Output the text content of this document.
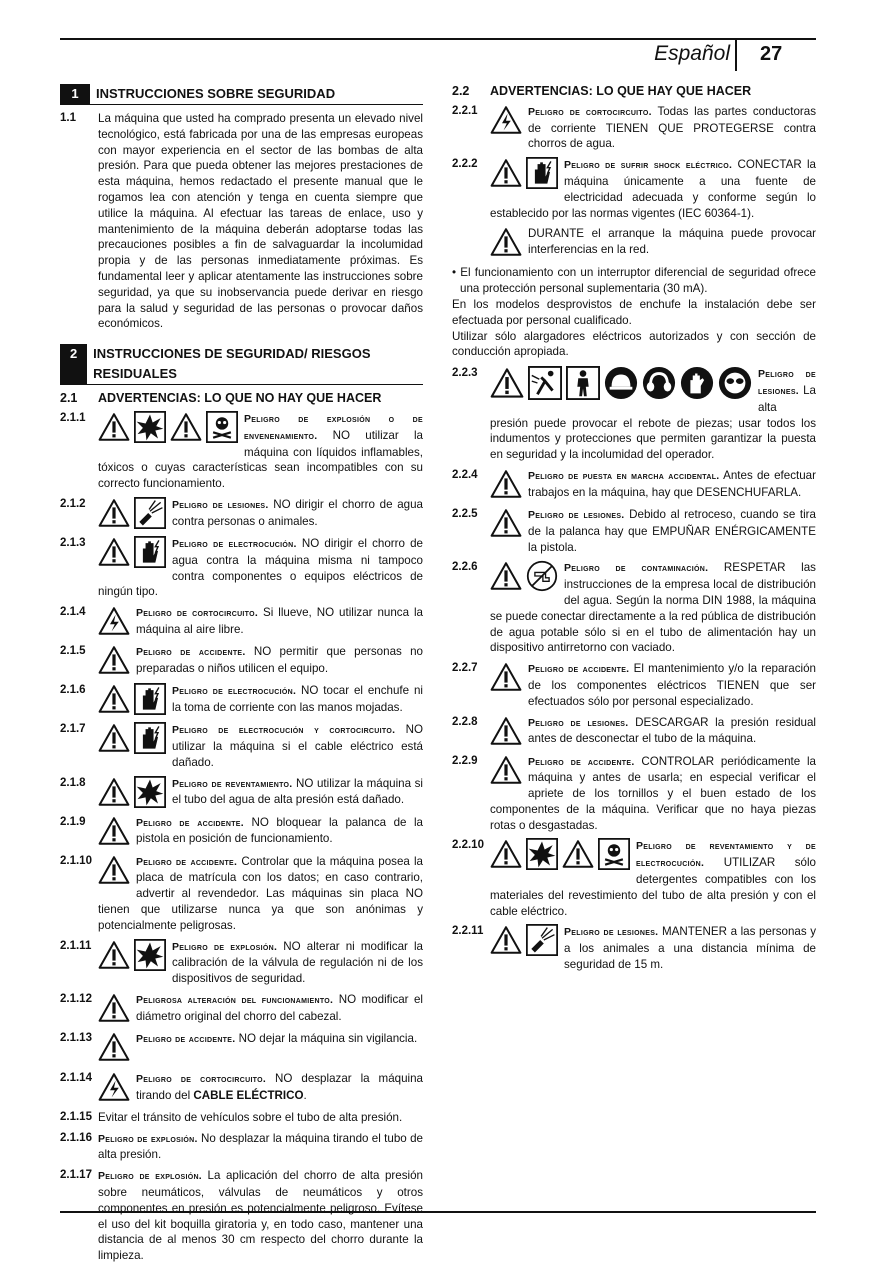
Español 27
1	INSTRUCCIONES SOBRE SEGURIDAD
1.1	La máquina que usted ha comprado presenta un elevado nivel tecnológico, está fabricada por una de las empresas europeas con mayor experiencia en el sector de las bombas de alta presión. Para que pueda obtener las mejores prestaciones de esta máquina, hemos redactado el presente manual que le rogamos lea con atención y tenga en cuenta siempre que utilice la máquina. Al efectuar las tareas de enlace, uso y mantenimiento de la máquina deberán adoptarse todas las precauciones posibles a fin de salvaguardar la incolumidad propia y de las personas inmediatamente próximas. Es fundamental leer y aplicar atentamente las instrucciones sobre seguridad, ya que su inobservancia puede derivar en riesgo para la salud y seguridad de las personas o provocar daños económicos.

2	INSTRUCCIONES DE SEGURIDAD/ RIESGOS RESIDUALES
2.1	ADVERTENCIAS: LO QUE NO HAY QUE HACER
2.1.1	Peligro de explosión o de envenenamiento. NO utilizar la máquina con líquidos inflamables, tóxicos o cuyas características sean incompatibles con su correcto funcionamiento.
2.1.2	Peligro de lesiones. NO dirigir el chorro de agua contra personas o animales.
2.1.3	Peligro de electrocución. NO dirigir el chorro de agua contra la máquina misma ni tampoco contra componentes o equipos eléctricos de ningún tipo.
2.1.4	Peligro de cortocircuito. Si llueve, NO utilizar nunca la máquina al aire libre.
2.1.5	Peligro de accidente. NO permitir que personas no preparadas o niños utilicen el equipo.
2.1.6	Peligro de electrocución. NO tocar el enchufe ni la toma de corriente con las manos mojadas.
2.1.7	Peligro de electrocución y cortocircuito. NO utilizar la máquina si el cable eléctrico está dañado.
2.1.8	Peligro de reventamiento. NO utilizar la máquina si el tubo del agua de alta presión está dañado.
2.1.9	Peligro de accidente. NO bloquear la palanca de la pistola en posición de funcionamiento.
2.1.10	Peligro de accidente. Controlar que la máquina posea la placa de matrícula con los datos; en caso contrario, advertir al revendedor. Las máquinas sin placa NO tienen que utilizarse nunca ya que son anónimas y potencialmente peligrosas.
2.1.11	Peligro de explosión. NO alterar ni modificar la calibración de la válvula de regulación ni de los dispositivos de seguridad.
2.1.12	Peligrosa alteración del funcionamiento. NO modificar el diámetro original del chorro del cabezal.
2.1.13	Peligro de accidente. NO dejar la máquina sin vigilancia.
2.1.14	Peligro de cortocircuito. NO desplazar la máquina tirando del CABLE ELÉCTRICO.
2.1.15 Evitar el tránsito de vehículos sobre el tubo de alta presión.
2.1.16 Peligro de explosión. No desplazar la máquina tirando el tubo de alta presión.
2.1.17 Peligro de explosión. La aplicación del chorro de alta presión sobre neumáticos, válvulas de neumáticos y otros componentes en presión es potencialmente peligroso. Evítese el uso del kit boquilla giratoria y, en todo caso, mantener una distancia de al menos 30 cm respecto del chorro durante la limpieza.
2.2	ADVERTENCIAS: LO QUE HAY QUE HACER
2.2.1	Peligro de cortocircuito. Todas las partes conductoras de corriente TIENEN QUE PROTEGERSE contra chorros de agua.
2.2.2	Peligro de sufrir shock eléctrico. CONECTAR la máquina únicamente a una fuente de electricidad adecuada y conforme según lo establecido por las normas vigentes (IEC 60364-1).
DURANTE el arranque la máquina puede provocar interferencias en la red.

• El funcionamiento con un interruptor diferencial de seguridad ofrece una protección personal suplementaria (30 mA).

En los modelos desprovistos de enchufe la instalación debe ser efectuada por personal cualificado.

Utilizar sólo alargadores eléctricos autorizados y con sección de conducción apropiada.

2.2.3	Peligro de lesiones. La alta presión puede provocar el rebote de piezas; usar todos los indumentos y protecciones que permiten garantizar la puesta en seguridad y la incolumidad del operador.
2.2.4	Peligro de puesta en marcha accidental. Antes de efectuar trabajos en la máquina, hay que DESENCHUFARLA.
2.2.5	Peligro de lesiones. Debido al retroceso, cuando se tira de la palanca hay que EMPUÑAR ENÉRGICAMENTE la pistola.
2.2.6	Peligro de contaminación. RESPETAR las instrucciones de la empresa local de distribución del agua. Según la norma DIN 1988, la máquina se puede conectar directamente a la red pública de distribución de agua potable sólo si en el tubo de alimentación hay un dispositivo antirretorno con vaciado.
2.2.7	Peligro de accidente. El mantenimiento y/o la reparación de los componentes eléctricos TIENEN que ser efectuados sólo por personal especializado.
2.2.8	Peligro de lesiones. DESCARGAR la presión residual antes de desconectar el tubo de la máquina.
2.2.9	Peligro de accidente. CONTROLAR periódicamente la máquina y antes de usarla; en especial verificar el apriete de los tornillos y el buen estado de los componentes de la máquina. Verificar que no haya piezas rotas o desgastadas.
2.2.10	Peligro de reventamiento y de electrocución. UTILIZAR sólo detergentes compatibles con los materiales del revestimiento del tubo de alta presión y con el cable eléctrico.
2.2.11	Peligro de lesiones. MANTENER a las personas y a los animales a una distancia mínima de seguridad de 15 m.
